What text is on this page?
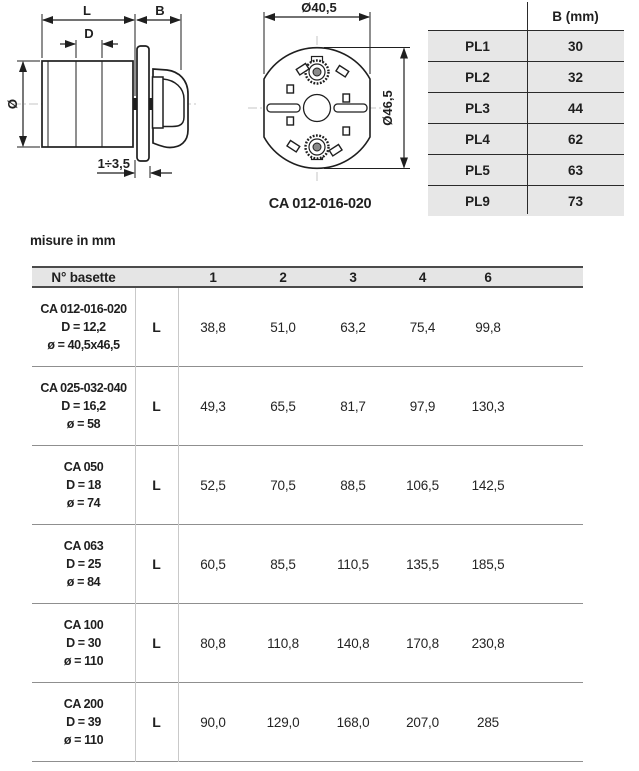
L	B
D
Ø
1÷3,5
Ø40,5
Ø46,5
CA 012-016-020
B (mm)
PL1	30
PL2	32
PL3	44
PL4	62
PL5	63
PL9	73
misure in mm
N° basette	1	2	3	4	6
CA 012-016-020
D = 12,2
ø = 40,5x46,5
L	38,8	51,0	63,2	75,4	99,8
CA 025-032-040
D = 16,2
ø = 58
L	49,3	65,5	81,7	97,9	130,3
CA 050
D = 18
ø = 74
L	52,5	70,5	88,5	106,5	142,5
CA 063
D = 25
ø = 84
L	60,5	85,5	110,5	135,5	185,5
CA 100
D = 30
ø = 110
L	80,8	110,8	140,8	170,8	230,8
CA 200
D = 39
ø = 110
L	90,0	129,0	168,0	207,0	285
